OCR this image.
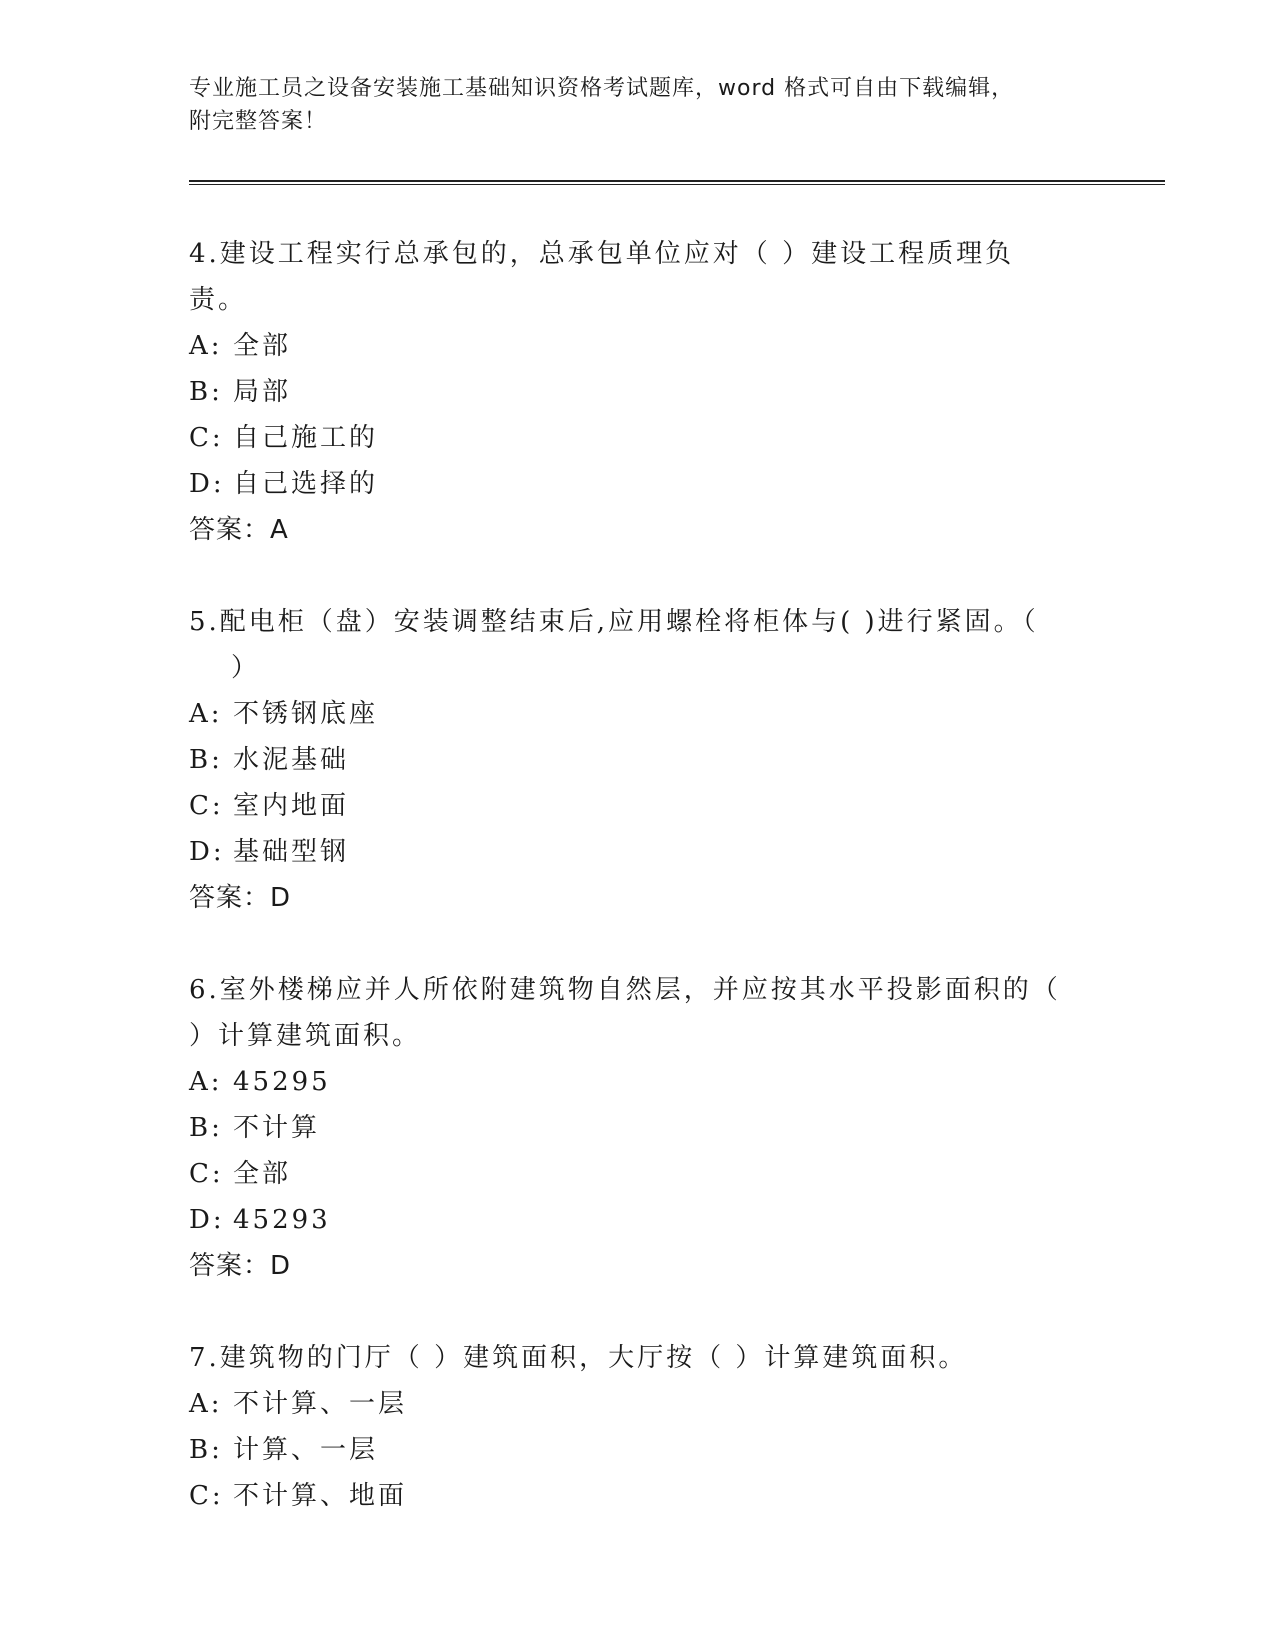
专业施工员之设备安装施工基础知识资格考试题库，word 格式可自由下载编辑，
附完整答案！
4.建设工程实行总承包的，总承包单位应对（ ）建设工程质理负责。
A: 全部
B: 局部
C: 自己施工的
D: 自己选择的
答案：A
5.配电柜（盘）安装调整结束后,应用螺栓将柜体与( )进行紧固。（
）
A: 不锈钢底座
B: 水泥基础
C: 室内地面
D: 基础型钢
答案：D
6.室外楼梯应并人所依附建筑物自然层，并应按其水平投影面积的（
）计算建筑面积。
A: 45295
B: 不计算
C: 全部
D: 45293
答案：D
7.建筑物的门厅（ ）建筑面积，大厅按（ ）计算建筑面积。
A: 不计算、一层
B: 计算、一层
C: 不计算、地面
